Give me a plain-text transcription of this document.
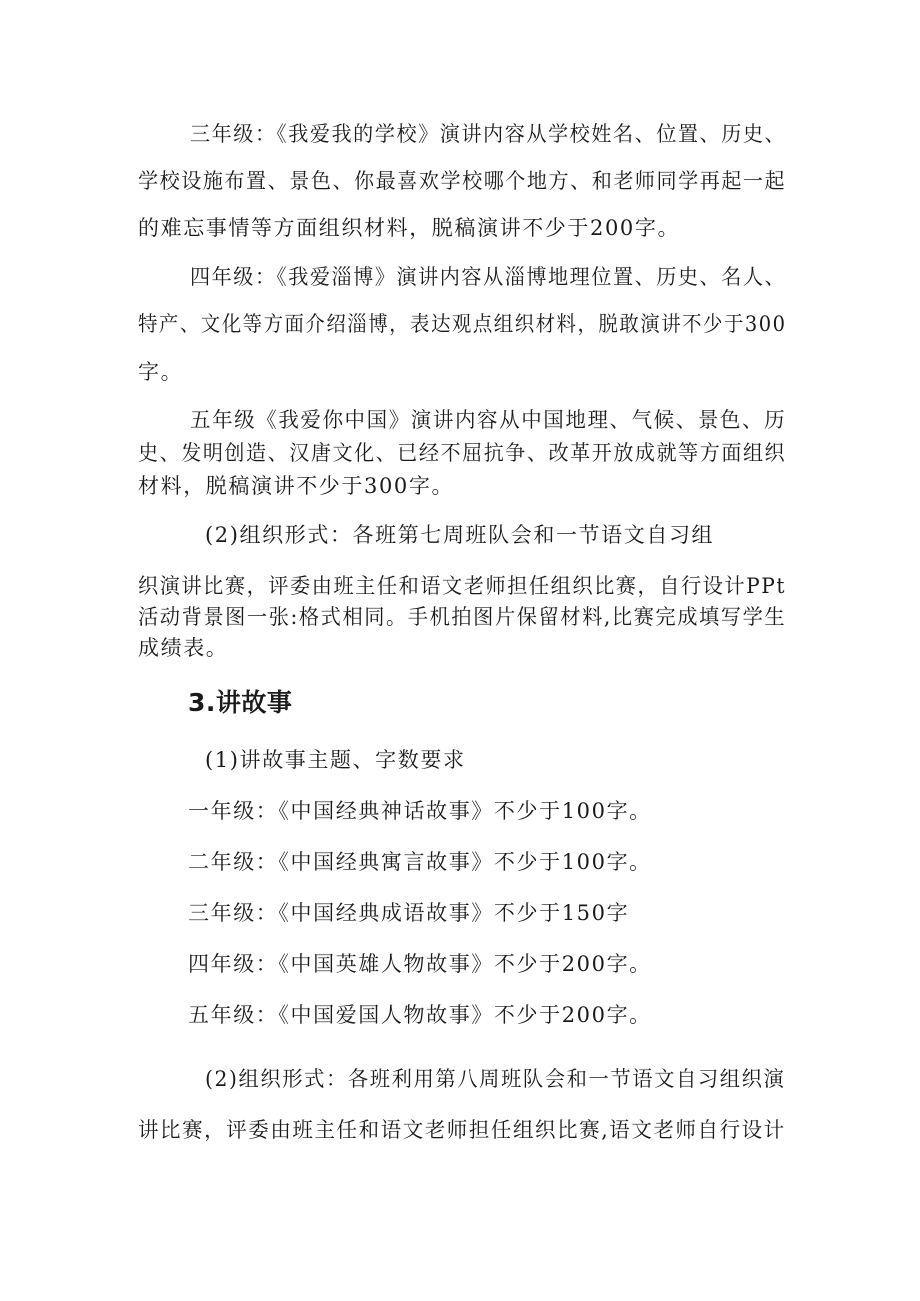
三年级：《我爱我的学校》演讲内容从学校姓名、位置、历史、
学校设施布置、景色、你最喜欢学校哪个地方、和老师同学再起一起
的难忘事情等方面组织材料，脱稿演讲不少于200字。
四年级：《我爱淄博》演讲内容从淄博地理位置、历史、名人、
特产、文化等方面介绍淄博，表达观点组织材料，脱敢演讲不少于300
字。
五年级《我爱你中国》演讲内容从中国地理、气候、景色、历
史、发明创造、汉唐文化、已经不屈抗争、改革开放成就等方面组织
材料，脱稿演讲不少于300字。
(2)组织形式：各班第七周班队会和一节语文自习组
织演讲比赛，评委由班主任和语文老师担任组织比赛，自行设计PPt
活动背景图一张:格式相同。手机拍图片保留材料,比赛完成填写学生
成绩表。
3.讲故事
(1)讲故事主题、字数要求
一年级：《中国经典神话故事》不少于100字。
二年级：《中国经典寓言故事》不少于100字。
三年级：《中国经典成语故事》不少于150字
四年级：《中国英雄人物故事》不少于200字。
五年级：《中国爱国人物故事》不少于200字。
(2)组织形式：各班利用第八周班队会和一节语文自习组织演
讲比赛，评委由班主任和语文老师担任组织比赛,语文老师自行设计
